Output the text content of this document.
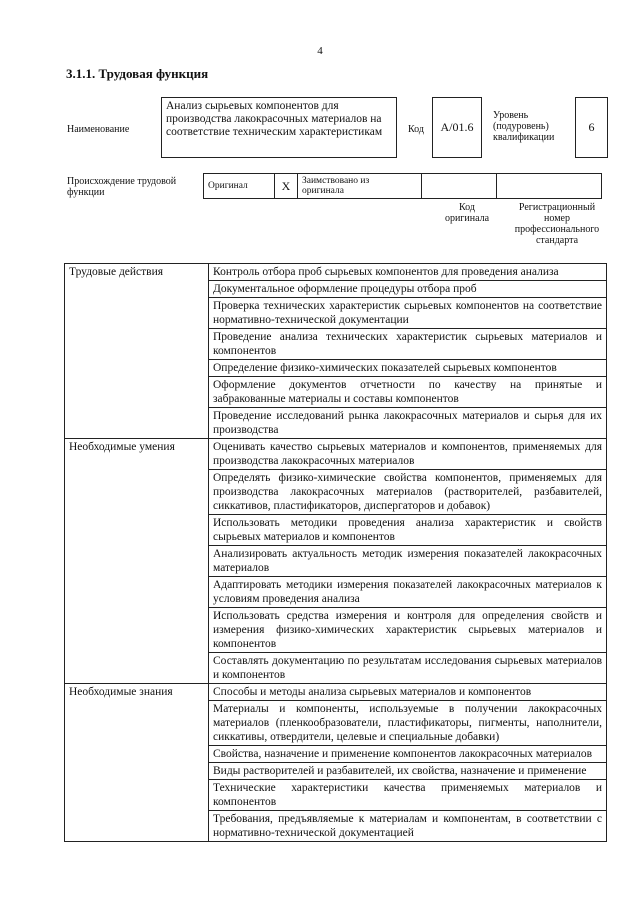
4
3.1.1. Трудовая функция
Наименование
Анализ сырьевых компонентов для производства лакокрасочных материалов на соответствие техническим характеристикам	Код	A/01.6
Уровень
(подуровень)
квалификации
6
Происхождение трудовой
функции
Оригинал	X	Заимствовано из
оригинала

Код
оригинала
Регистрационный
номер
профессионального
стандарта
Трудовые действия	Контроль отбора проб сырьевых компонентов для проведения анализа
	Документальное оформление процедуры отбора проб
	Проверка технических характеристик сырьевых компонентов на соответствие нормативно-технической документации
	Проведение анализа технических характеристик сырьевых материалов и компонентов
	Определение физико-химических показателей сырьевых компонентов
	Оформление документов отчетности по качеству на принятые и забракованные материалы и составы компонентов
	Проведение исследований рынка лакокрасочных материалов и сырья для их производства
Необходимые умения	Оценивать качество сырьевых материалов и компонентов, применяемых для производства лакокрасочных материалов
	Определять физико-химические свойства компонентов, применяемых для производства лакокрасочных материалов (растворителей, разбавителей, сиккативов, пластификаторов, диспергаторов и добавок)
	Использовать методики проведения анализа характеристик и свойств сырьевых материалов и компонентов
	Анализировать актуальность методик измерения показателей лакокрасочных материалов
	Адаптировать методики измерения показателей лакокрасочных материалов к условиям проведения анализа
	Использовать средства измерения и контроля для определения свойств и измерения физико-химических характеристик сырьевых материалов и компонентов
	Составлять документацию по результатам исследования сырьевых материалов и компонентов
Необходимые знания	Способы и методы анализа сырьевых материалов и компонентов
	Материалы и компоненты, используемые в получении лакокрасочных материалов (пленкообразователи, пластификаторы, пигменты, наполнители, сиккативы, отвердители, целевые и специальные добавки)
	Свойства, назначение и применение компонентов лакокрасочных материалов
	Виды растворителей и разбавителей, их свойства, назначение и применение
	Технические характеристики качества применяемых материалов и компонентов
	Требования, предъявляемые к материалам и компонентам, в соответствии с нормативно-технической документацией
